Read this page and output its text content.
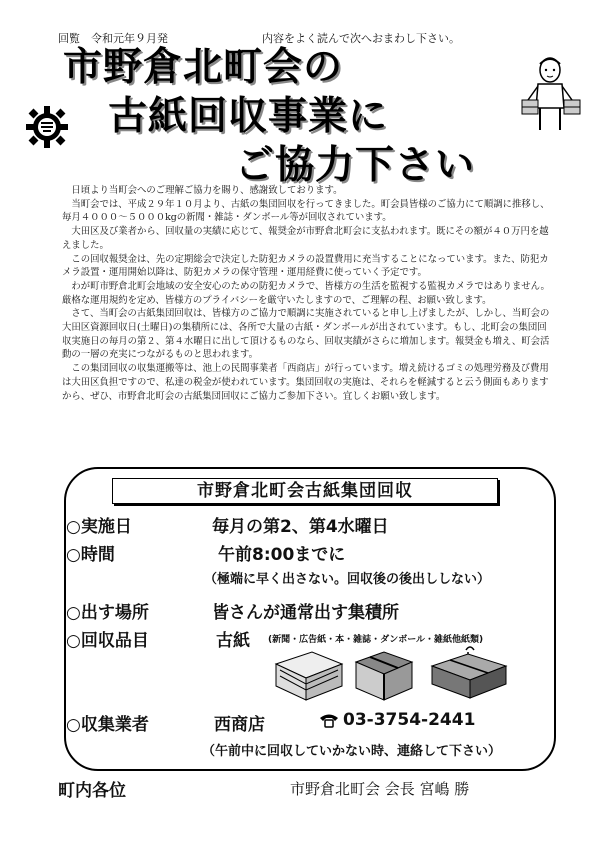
回覧　令和元年９月発	内容をよく読んで次へおまわし下さい。
市野倉北町会の
古紙回収事業に
ご協力下さい

日頃より当町会へのご理解ご協力を賜り、感謝致しております。

当町会では、平成２９年１０月より、古紙の集団回収を行ってきました。町会員皆様のご協力にて順調に推移し、毎月４０００〜５０００kgの新聞・雑誌・ダンボール等が回収されています。

大田区及び業者から、回収量の実績に応じて、報奨金が市野倉北町会に支払われます。既にその額が４０万円を越えました。

この回収報奨金は、先の定期総会で決定した防犯カメラの設置費用に充当することになっています。また、防犯カメラ設置・運用開始以降は、防犯カメラの保守管理・運用経費に使っていく予定です。

わが町市野倉北町会地域の安全安心のための防犯カメラで、皆様方の生活を監視する監視カメラではありません。厳格な運用規約を定め、皆様方のプライバシーを厳守いたしますので、ご理解の程、お願い致します。

さて、当町会の古紙集団回収は、皆様方のご協力で順調に実施されていると申し上げましたが、しかし、当町会の大田区資源回収日(土曜日)の集積所には、各所で大量の古紙・ダンボールが出されています。もし、北町会の集団回収実施日の毎月の第２、第４水曜日に出して頂けるものなら、回収実績がさらに増加します。報奨金も増え、町会活動の一層の充実につながるものと思われます。

この集団回収の収集運搬等は、池上の民間事業者「西商店」が行っています。増え続けるゴミの処理労務及び費用は大田区負担ですので、私達の税金が使われています。集団回収の実施は、それらを軽減すると云う側面もありますから、ぜひ、市野倉北町会の古紙集団回収にご協力ご参加下さい。宜しくお願い致します。

市野倉北町会古紙集団回収
○実施日	毎月の第2、第4水曜日
○時間	午前8:00までに
（極端に早く出さない。回収後の後出ししない）
○出す場所	皆さんが通常出す集積所
○回収品目	古紙 (新聞・広告紙・本・雑誌・ダンボール・雑紙他紙類)
○収集業者	西商店	03-3754-2441
（午前中に回収していかない時、連絡して下さい）
町内各位	市野倉北町会 会長 宮嶋 勝
